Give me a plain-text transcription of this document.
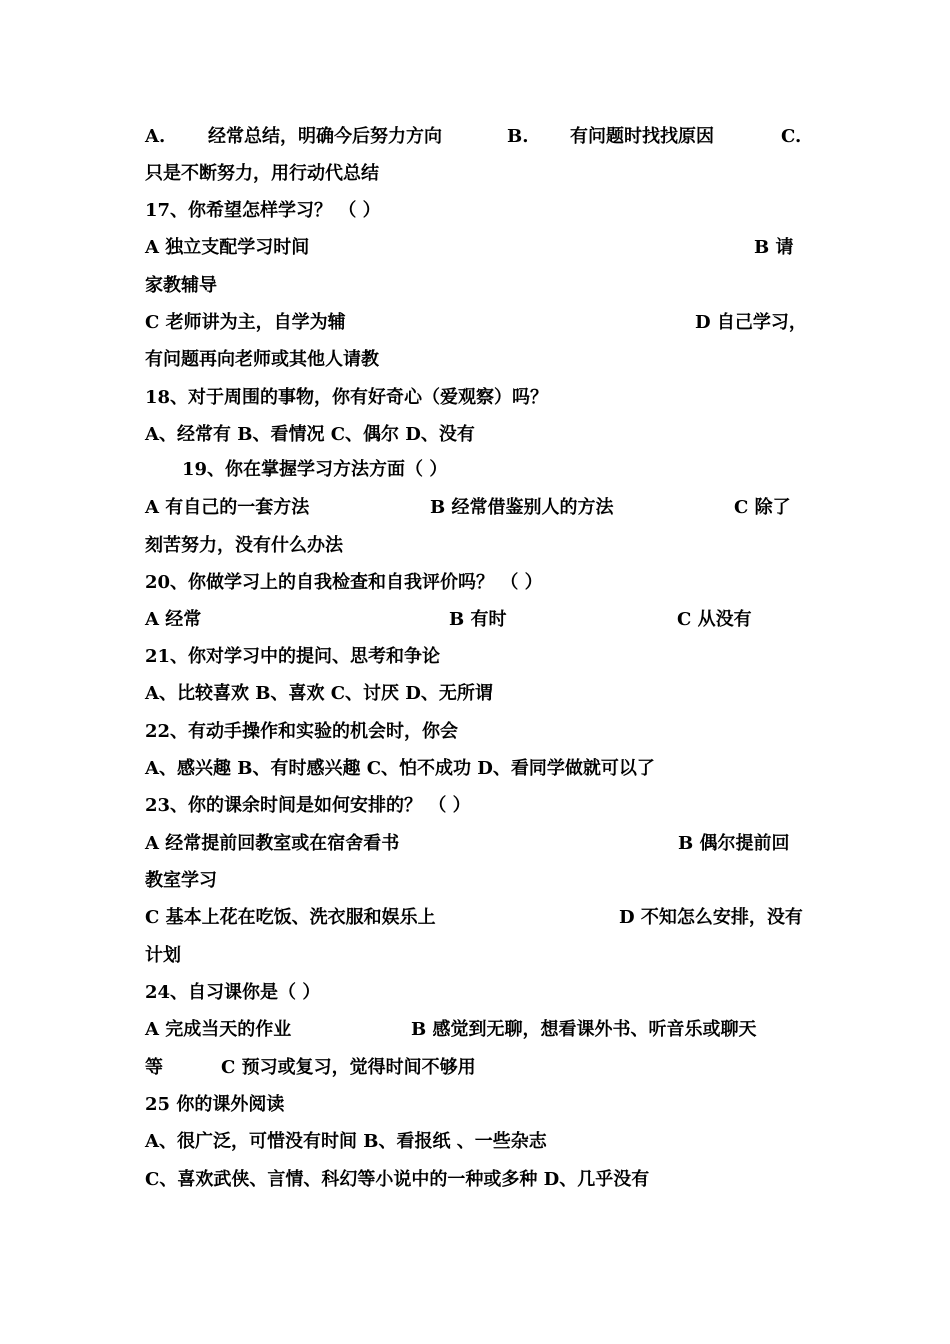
A. 经常总结，明确今后努力方向	B. 有问题时找找原因	C.
只是不断努力，用行动代总结
17、你希望怎样学习？ （ ）
A 独立支配学习时间	B 请
家教辅导
C 老师讲为主，自学为辅	D 自己学习，
有问题再向老师或其他人请教
18、对于周围的事物，你有好奇心（爱观察）吗？
A、经常有 B、看情况 C、偶尔 D、没有
19、你在掌握学习方法方面（ ）
A 有自己的一套方法	B 经常借鉴别人的方法	C 除了
刻苦努力，没有什么办法
20、你做学习上的自我检查和自我评价吗？ （ ）
A 经常	B 有时	C 从没有
21、你对学习中的提问、思考和争论
A、比较喜欢 B、喜欢 C、讨厌 D、无所谓
22、有动手操作和实验的机会时，你会
A、感兴趣 B、有时感兴趣 C、怕不成功 D、看同学做就可以了
23、你的课余时间是如何安排的？ （ ）
A 经常提前回教室或在宿舍看书	B 偶尔提前回
教室学习
C 基本上花在吃饭、洗衣服和娱乐上	D 不知怎么安排，没有
计划
24、自习课你是（ ）
A 完成当天的作业	B 感觉到无聊，想看课外书、听音乐或聊天
等	C 预习或复习，觉得时间不够用
25 你的课外阅读
A、很广泛，可惜没有时间 B、看报纸 、一些杂志
C、喜欢武侠、言情、科幻等小说中的一种或多种 D、几乎没有
